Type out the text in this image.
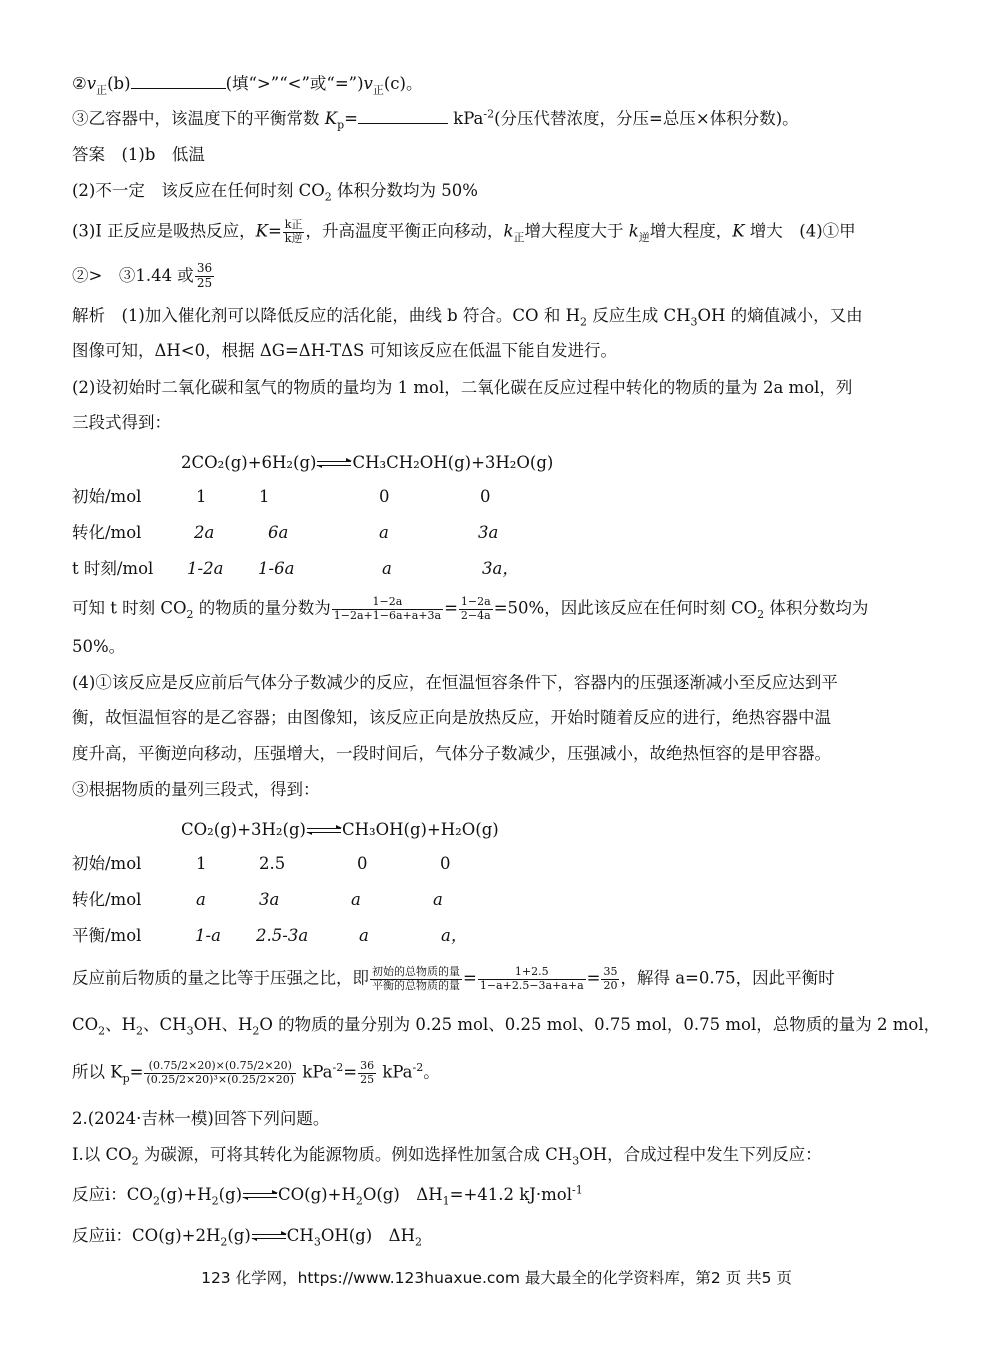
$②v_正(b)$	(填“>”“<”或“$=”)v_正(c)$。
③乙容器中，该温度下的平衡常数 $K_p=$	kPa$^{-2}$(分压代替浓度，分压=总压×体积分数)。
答案　(1)b　低温
(2)不一定　该反应在任何时刻 $CO_2$ 体积分数均为 50%
(3)Ⅰ 正反应是吸热反应，$K= \frac{\text{k正}}{\text{k逆}}$ ，升高温度平衡正向移动，$k_正$增大程度大于 $k_逆$增大程度，K 增大　(4)①甲
②>　③1.44 或 $\frac{36}{25}$
解析　(1)加入催化剂可以降低反应的活化能，曲线 b 符合。CO 和 $H_2$ 反应生成 $CH_3OH$ 的熵值减小，又由
图像可知，ΔH<0，根据 ΔG=ΔH-TΔS 可知该反应在低温下能自发进行。
(2)设初始时二氧化碳和氢气的物质的量均为 1 mol，二氧化碳在反应过程中转化的物质的量为 2a mol，列
三段式得到：
2CO₂(g)+6H₂(g) CH₃CH₂OH(g)+3H₂O(g)
初始/mol	1	1	0	0
转化/mol	2a	6a	a	3a
t 时刻/mol 1-2a 1-6a	a	3a，
可知 t 时刻 $CO_2$ 的物质的量分数为 $\frac{1-2a}{1-2a+1-6a+a+3a} = \frac{1-2a}{2-4a} =50\%$，因此该反应在任何时刻 $CO_2$ 体积分数均为
50%。
(4)①该反应是反应前后气体分子数减少的反应，在恒温恒容条件下，容器内的压强逐渐减小至反应达到平
衡，故恒温恒容的是乙容器；由图像知，该反应正向是放热反应，开始时随着反应的进行，绝热容器中温
度升高，平衡逆向移动，压强增大，一段时间后，气体分子数减少，压强减小，故绝热恒容的是甲容器。
③根据物质的量列三段式，得到：
CO₂(g)+3H₂(g) CH₃OH(g)+H₂O(g)
初始/mol	1	2.5	0	0
转化/mol	a	3a	a	a
平衡/mol	1-a 2.5-3a	a	a，
反应前后物质的量之比等于压强之比，即 $\frac{\text{初始的总物质的量}}{\text{平衡的总物质的量}} = \frac{1+2.5}{1-a+2.5-3a+a+a} = \frac{35}{20}$ ，解得 a=0.75，因此平衡时
$CO_2$、$H_2$、$CH_3OH$、$H_2O$ 的物质的量分别为 0.25 mol、0.25 mol、0.75 mol，0.75 mol，总物质的量为 2 mol，
所以 $K_p= \frac{(0.75/2\times 20)\times(0.75/2\times 20)}{\text{(0.25/2×20)³×(0.25/2×20)}} kPa^{-2}= \frac{36}{25} kPa^{-2}$。
2.(2024·吉林一模)回答下列问题。
Ⅰ.以 $CO_2$ 为碳源，可将其转化为能源物质。例如选择性加氢合成 $CH_3OH$，合成过程中发生下列反应：
反应ⅰ：$CO_2(g)+H_2(g)$ $CO(g)+H_2O(g)$　$\Delta H_1=+41.2$ kJ·mol$^{-1}$
反应ⅱ：$CO(g)+2H_2(g)$ $CH_3OH(g)$　$\Delta H_2$
123 化学网，https://www.123huaxue.com 最大最全的化学资料库，第2 页 共5 页
